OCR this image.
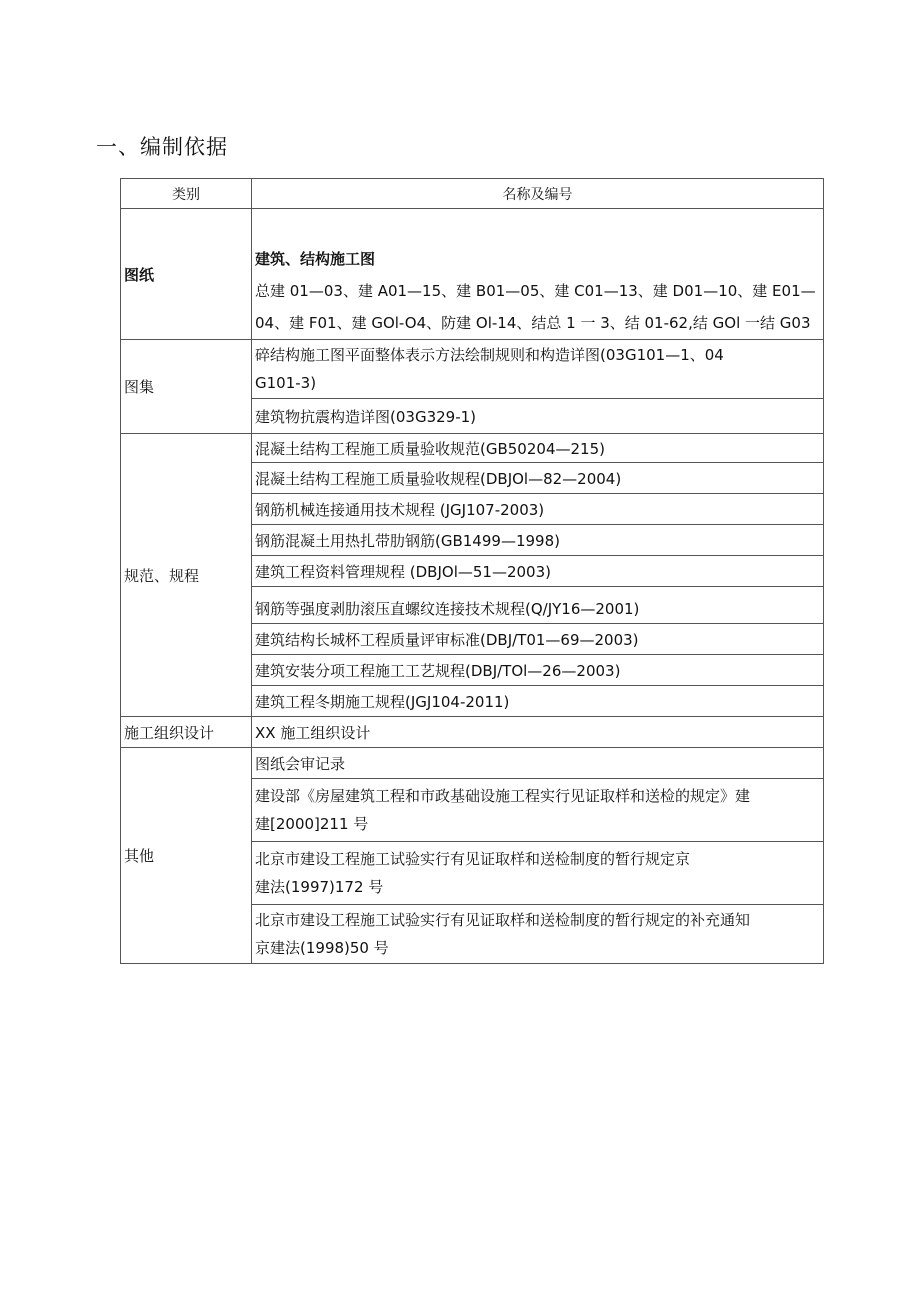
一、编制依据
类别	名称及编号
图纸	建筑、结构施工图
总建 01—03、建 A01—15、建 B01—05、建 C01—13、建 D01—10、建 E01—
04、建 F01、建 GOl-O4、防建 Ol-14、结总 1 一 3、结 01-62,结 GOl 一结 G03

图集	碎结构施工图平面整体表示方法绘制规则和构造详图(03G101—1、04
G101-3)

	建筑物抗震构造详图(03G329-1)
规范、规程	混凝土结构工程施工质量验收规范(GB50204—215)
	混凝土结构工程施工质量验收规程(DBJOl—82—2004)
	钢筋机械连接通用技术规程 (JGJ107-2003)
	钢筋混凝土用热扎带肋钢筋(GB1499—1998)
	建筑工程资料管理规程 (DBJOl—51—2003)
	钢筋等强度剥肋滚压直螺纹连接技术规程(Q/JY16—2001)
	建筑结构长城杯工程质量评审标准(DBJ/T01—69—2003)
	建筑安装分项工程施工工艺规程(DBJ/TOl—26—2003)
	建筑工程冬期施工规程(JGJ104-2011)
施工组织设计	XX 施工组织设计
其他	图纸会审记录

	建设部《房屋建筑工程和市政基础设施工程实行见证取样和送检的规定》建
建[2000]211 号

	北京市建设工程施工试验实行有见证取样和送检制度的暂行规定京
建法(1997)172 号

	北京市建设工程施工试验实行有见证取样和送检制度的暂行规定的补充通知
京建法(1998)50 号
